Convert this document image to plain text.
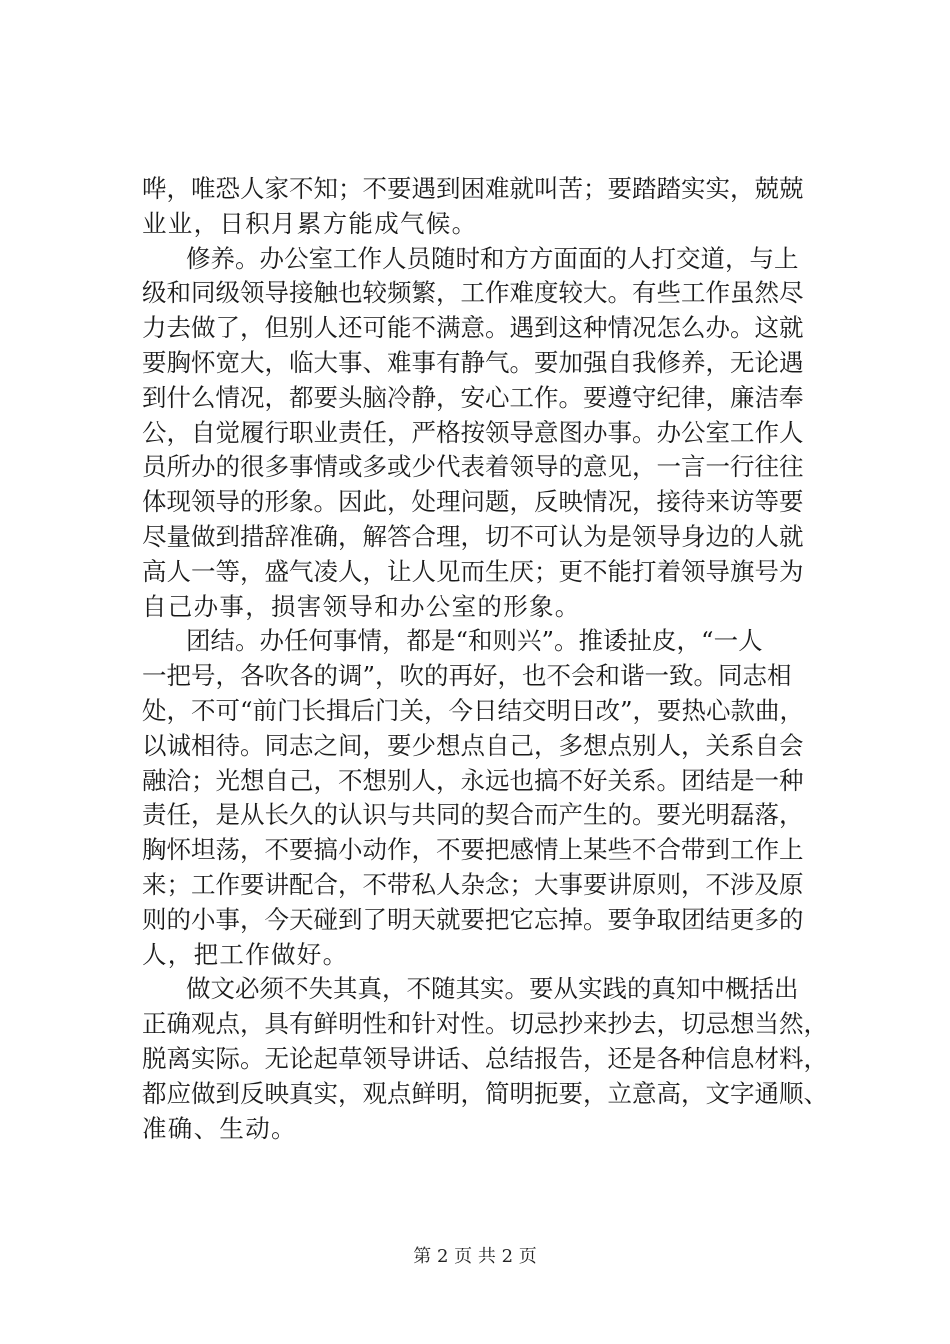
哗，唯恐人家不知；不要遇到困难就叫苦；要踏踏实实，兢兢
业业，日积月累方能成气候。
修养。办公室工作人员随时和方方面面的人打交道，与上
级和同级领导接触也较频繁，工作难度较大。有些工作虽然尽
力去做了，但别人还可能不满意。遇到这种情况怎么办。这就
要胸怀宽大，临大事、难事有静气。要加强自我修养，无论遇
到什么情况，都要头脑冷静，安心工作。要遵守纪律，廉洁奉
公，自觉履行职业责任，严格按领导意图办事。办公室工作人
员所办的很多事情或多或少代表着领导的意见，一言一行往往
体现领导的形象。因此，处理问题，反映情况，接待来访等要
尽量做到措辞准确，解答合理，切不可认为是领导身边的人就
高人一等，盛气凌人，让人见而生厌；更不能打着领导旗号为
自己办事，损害领导和办公室的形象。
团结。办任何事情，都是“和则兴”。推诿扯皮，“一人
一把号，各吹各的调”，吹的再好，也不会和谐一致。同志相
处，不可“前门长揖后门关，今日结交明日改”，要热心款曲，
以诚相待。同志之间，要少想点自己，多想点别人，关系自会
融洽；光想自己，不想别人，永远也搞不好关系。团结是一种
责任，是从长久的认识与共同的契合而产生的。要光明磊落，
胸怀坦荡，不要搞小动作，不要把感情上某些不合带到工作上
来；工作要讲配合，不带私人杂念；大事要讲原则，不涉及原
则的小事，今天碰到了明天就要把它忘掉。要争取团结更多的
人，把工作做好。
做文必须不失其真，不随其实。要从实践的真知中概括出
正确观点，具有鲜明性和针对性。切忌抄来抄去，切忌想当然，
脱离实际。无论起草领导讲话、总结报告，还是各种信息材料，
都应做到反映真实，观点鲜明，简明扼要，立意高，文字通顺、
准确、生动。
第 2 页 共 2 页
